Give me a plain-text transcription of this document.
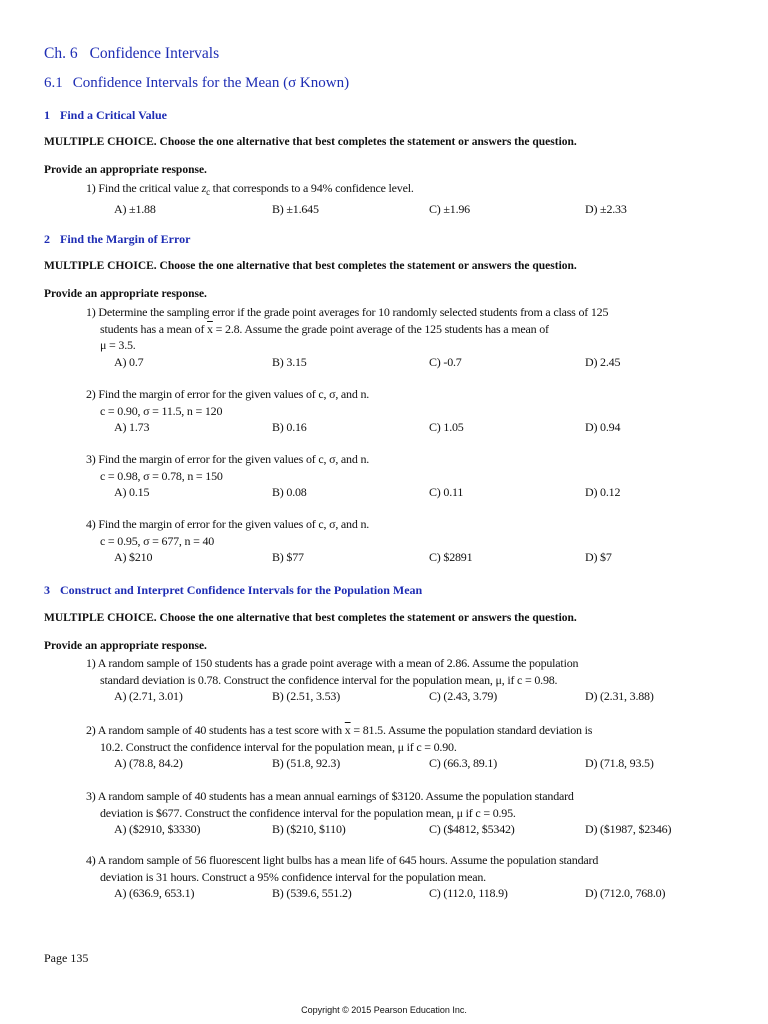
Ch. 6 Confidence Intervals
6.1 Confidence Intervals for the Mean (σ Known)
1 Find a Critical Value
MULTIPLE CHOICE. Choose the one alternative that best completes the statement or answers the question.
Provide an appropriate response.
1) Find the critical value $z_c$ that corresponds to a 94% confidence level.
A) ±1.88	B) ±1.645	C) ±1.96	D) ±2.33
2 Find the Margin of Error
MULTIPLE CHOICE. Choose the one alternative that best completes the statement or answers the question.
Provide an appropriate response.
1) Determine the sampling error if the grade point averages for 10 randomly selected students from a class of 125
students has a mean of $\overline{x} = 2.8$. Assume the grade point average of the 125 students has a mean of
μ = 3.5.
A) 0.7	B) 3.15	C) -0.7	D) 2.45
2) Find the margin of error for the given values of c, σ, and n.
c = 0.90, σ = 11.5, n = 120
A) 1.73	B) 0.16	C) 1.05	D) 0.94
3) Find the margin of error for the given values of c, σ, and n.
c = 0.98, σ = 0.78, n = 150
A) 0.15	B) 0.08	C) 0.11	D) 0.12
4) Find the margin of error for the given values of c, σ, and n.
c = 0.95, σ = 677, n = 40
A) $210	B) $77	C) $2891	D) $7
3 Construct and Interpret Confidence Intervals for the Population Mean
MULTIPLE CHOICE. Choose the one alternative that best completes the statement or answers the question.
Provide an appropriate response.
1) A random sample of 150 students has a grade point average with a mean of 2.86. Assume the population
standard deviation is 0.78. Construct the confidence interval for the population mean, μ, if c = 0.98.
A) (2.71, 3.01)	B) (2.51, 3.53)	C) (2.43, 3.79)	D) (2.31, 3.88)
2) A random sample of 40 students has a test score with $\overline{x} = 81.5$. Assume the population standard deviation is
10.2. Construct the confidence interval for the population mean, μ if c = 0.90.
A) (78.8, 84.2)	B) (51.8, 92.3)	C) (66.3, 89.1)	D) (71.8, 93.5)
3) A random sample of 40 students has a mean annual earnings of $3120. Assume the population standard
deviation is $677. Construct the confidence interval for the population mean, μ if c = 0.95.
A) ($2910, $3330)	B) ($210, $110)	C) ($4812, $5342)	D) ($1987, $2346)
4) A random sample of 56 fluorescent light bulbs has a mean life of 645 hours. Assume the population standard
deviation is 31 hours. Construct a 95% confidence interval for the population mean.
A) (636.9, 653.1)	B) (539.6, 551.2)	C) (112.0, 118.9)	D) (712.0, 768.0)
Page 135
Copyright © 2015 Pearson Education Inc.
